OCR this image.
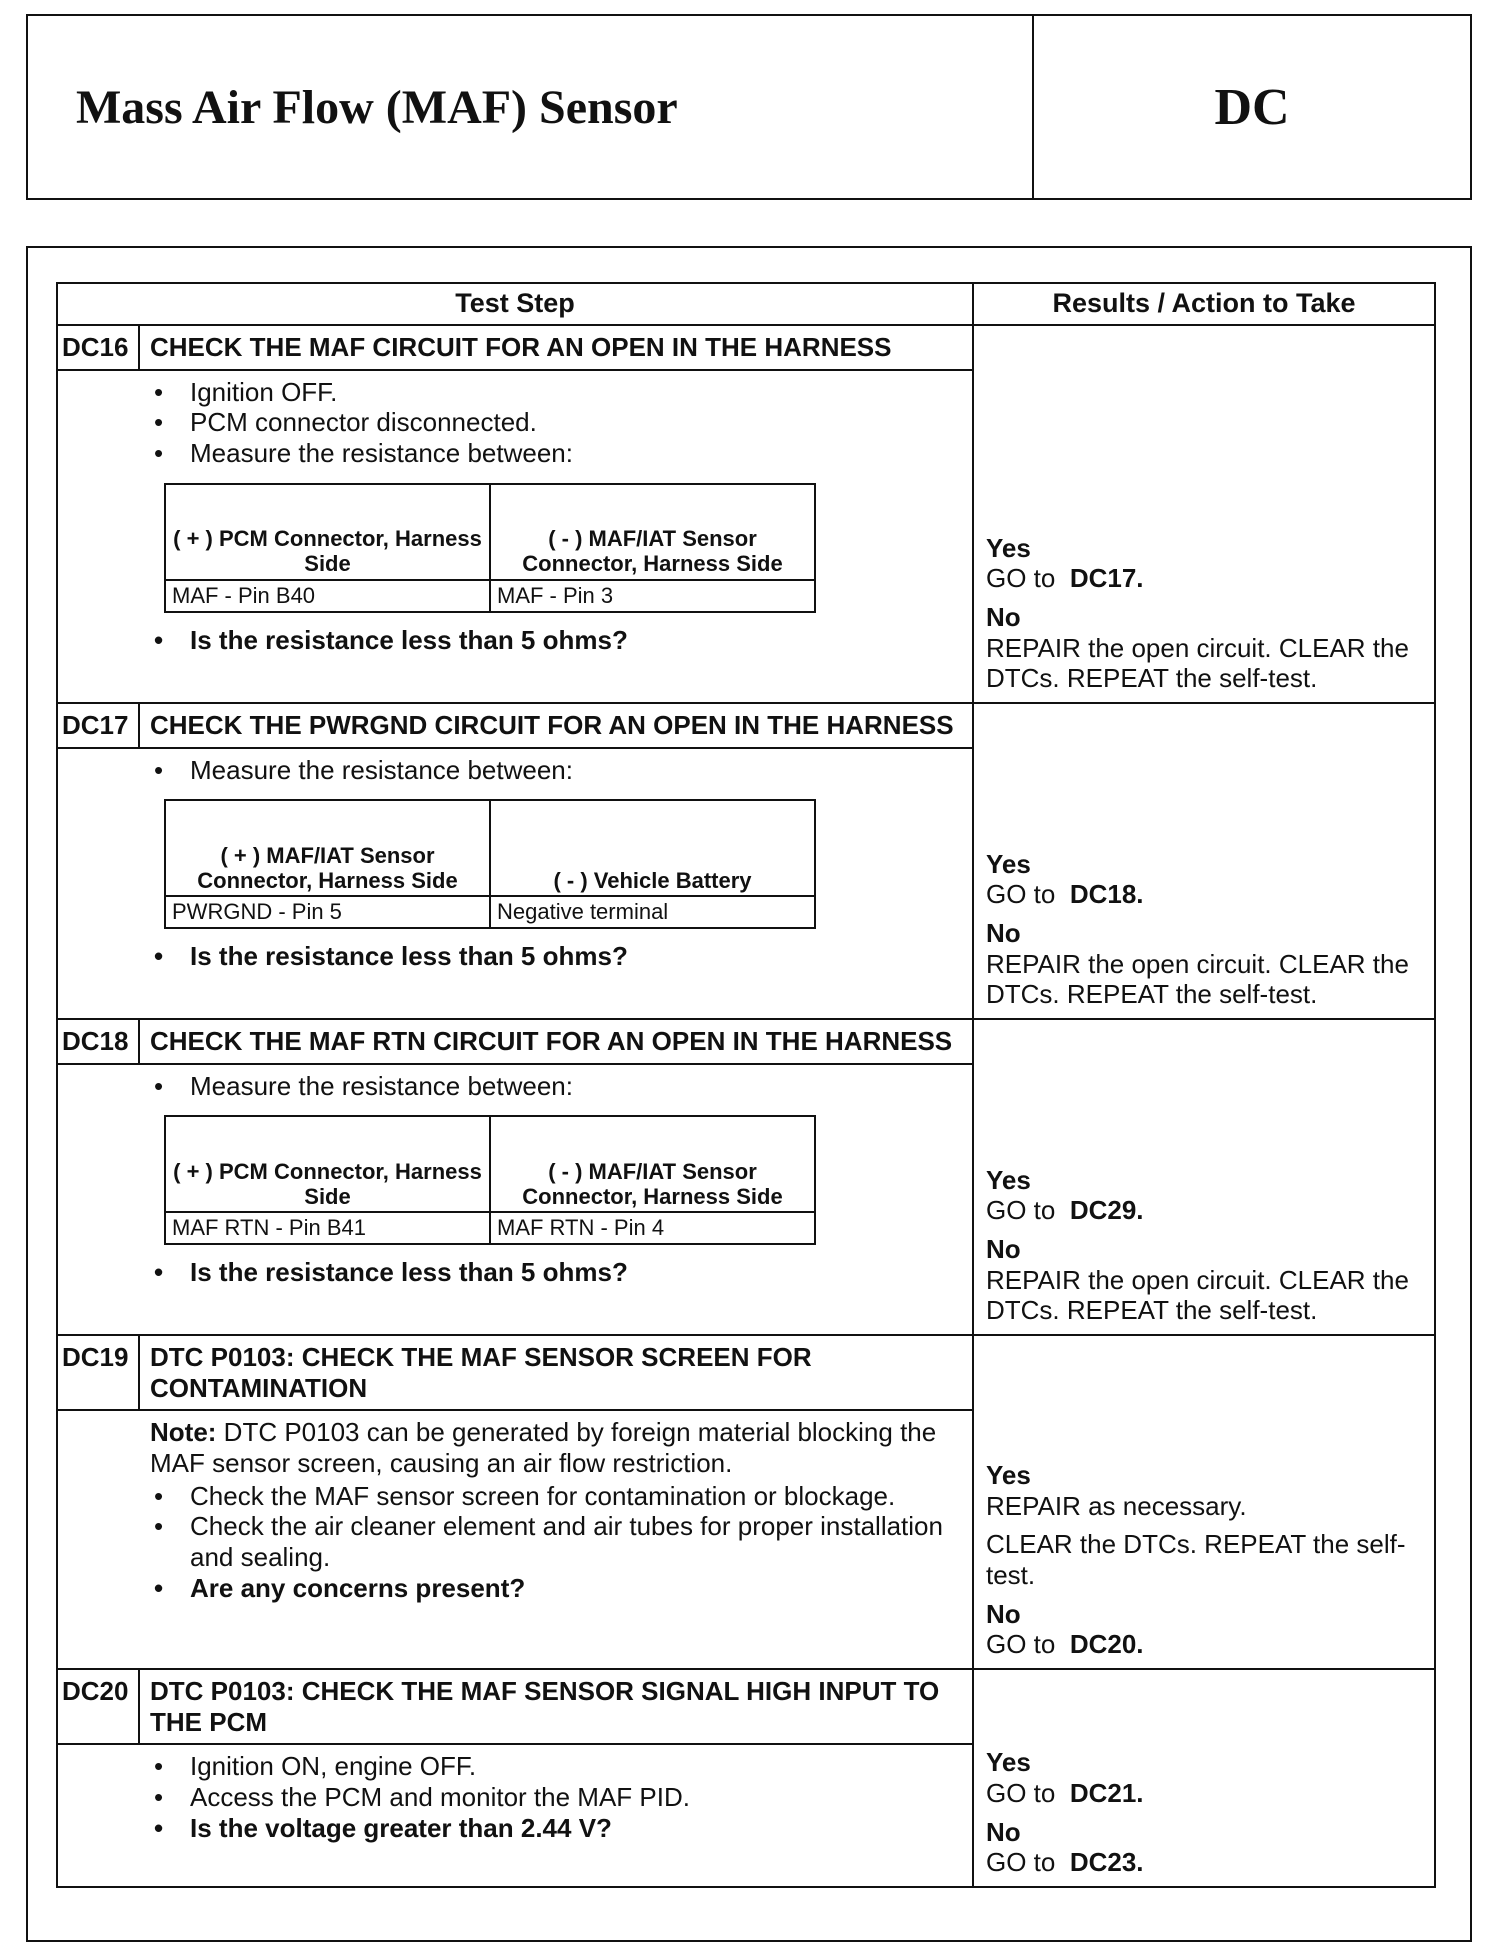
Mass Air Flow (MAF) Sensor	DC
Test Step	Results / Action to Take

DC16 CHECK THE MAF CIRCUIT FOR AN OPEN IN THE HARNESS
• Ignition OFF.
• PCM connector disconnected.
• Measure the resistance between:
( + ) PCM Connector, Harness Side	( - ) MAF/IAT Sensor Connector, Harness Side
MAF - Pin B40	MAF - Pin 3
• Is the resistance less than 5 ohms?

Yes
GO to DC17.
No
REPAIR the open circuit. CLEAR the DTCs. REPEAT the self-test.

DC17 CHECK THE PWRGND CIRCUIT FOR AN OPEN IN THE HARNESS
• Measure the resistance between:
( + ) MAF/IAT Sensor Connector, Harness Side	( - ) Vehicle Battery
PWRGND - Pin 5	Negative terminal
• Is the resistance less than 5 ohms?

Yes
GO to DC18.
No
REPAIR the open circuit. CLEAR the DTCs. REPEAT the self-test.

DC18 CHECK THE MAF RTN CIRCUIT FOR AN OPEN IN THE HARNESS
• Measure the resistance between:
( + ) PCM Connector, Harness Side	( - ) MAF/IAT Sensor Connector, Harness Side
MAF RTN - Pin B41	MAF RTN - Pin 4
• Is the resistance less than 5 ohms?

Yes
GO to DC29.
No
REPAIR the open circuit. CLEAR the DTCs. REPEAT the self-test.

DC19 DTC P0103: CHECK THE MAF SENSOR SCREEN FOR CONTAMINATION

Note: DTC P0103 can be generated by foreign material blocking the MAF sensor screen, causing an air flow restriction.

• Check the MAF sensor screen for contamination or blockage.
• Check the air cleaner element and air tubes for proper installation and sealing.
• Are any concerns present?

Yes
REPAIR as necessary.
CLEAR the DTCs. REPEAT the self-test.
No
GO to DC20.

DC20 DTC P0103: CHECK THE MAF SENSOR SIGNAL HIGH INPUT TO THE PCM
• Ignition ON, engine OFF.
• Access the PCM and monitor the MAF PID.
• Is the voltage greater than 2.44 V?

Yes
GO to DC21.
No
GO to DC23.
